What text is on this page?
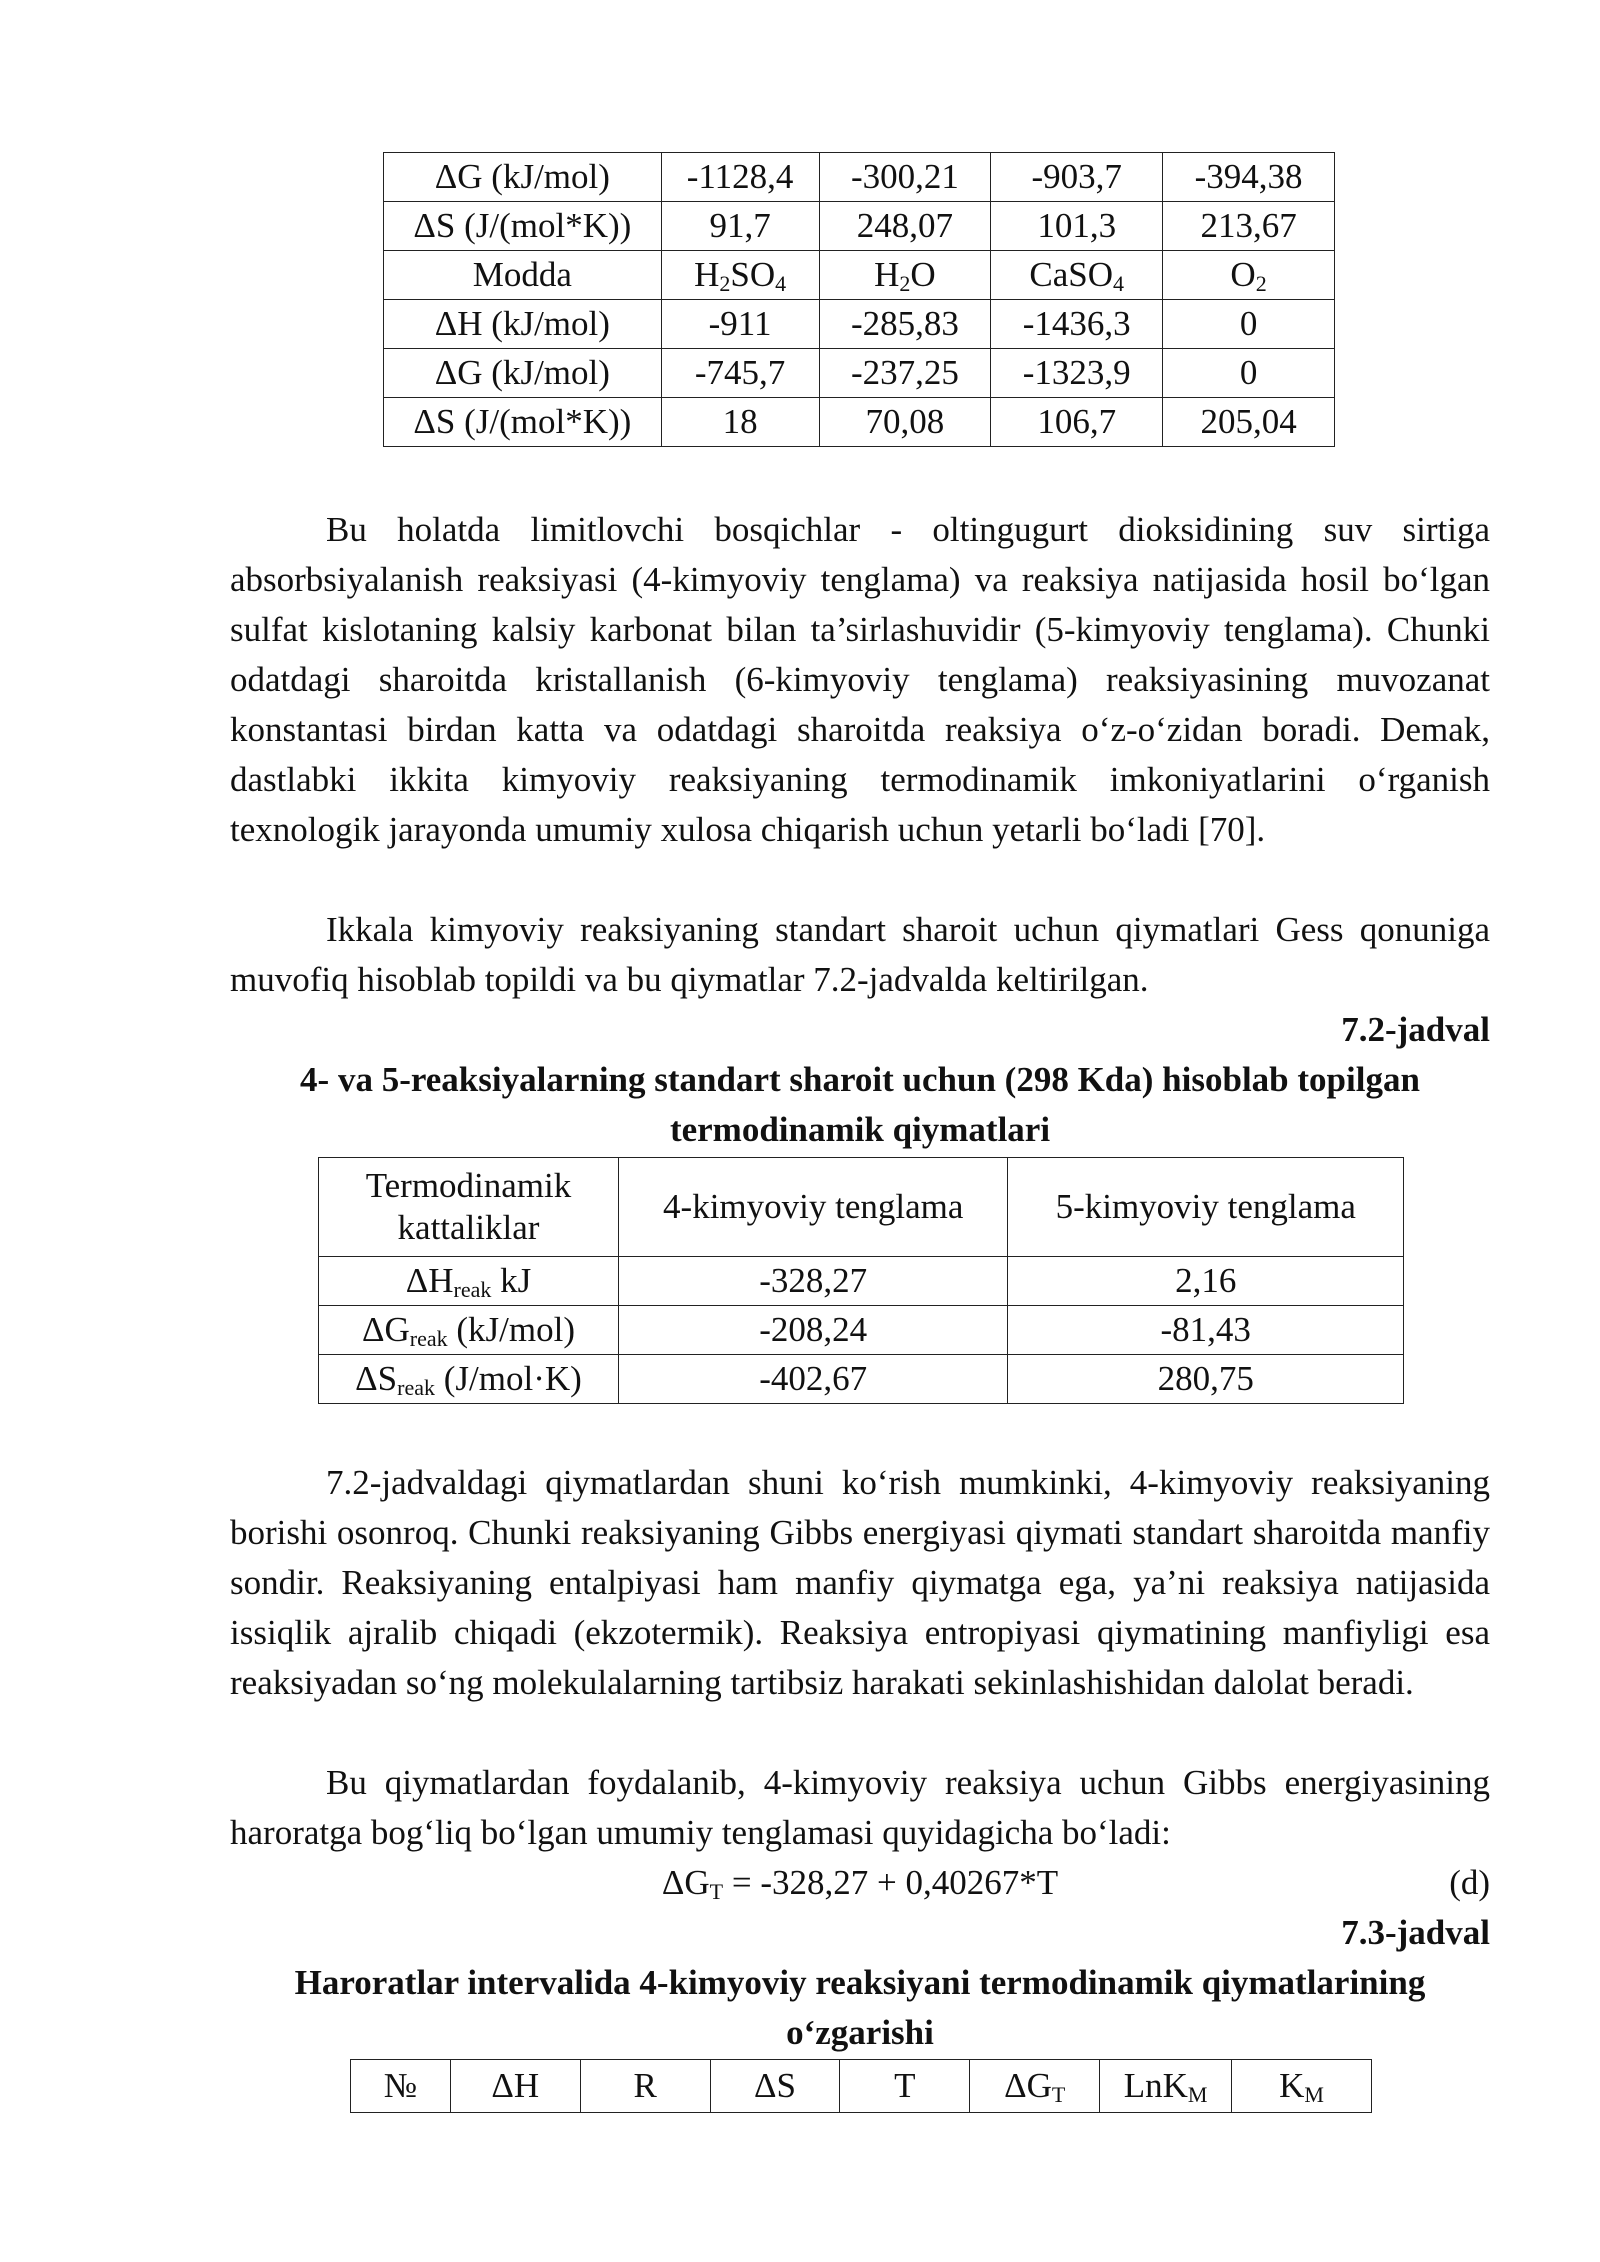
ΔG (kJ/mol)	-1128,4	-300,21	-903,7	-394,38
ΔS (J/(mol*K))	91,7	248,07	101,3	213,67
Modda	$H_2SO_4$	$H_2O$	CaSO$_4$	$O_2$
ΔH (kJ/mol)	-911	-285,83	-1436,3	0
ΔG (kJ/mol)	-745,7	-237,25	-1323,9	0
ΔS (J/(mol*K))	18	70,08	106,7	205,04

Bu holatda limitlovchi bosqichlar - oltingugurt dioksidining suv sirtiga absorbsiyalanish reaksiyasi (4-kimyoviy tenglama) va reaksiya natijasida hosil bo‘lgan sulfat kislotaning kalsiy karbonat bilan ta’sirlashuvidir (5-kimyoviy tenglama). Chunki odatdagi sharoitda kristallanish (6-kimyoviy tenglama) reaksiyasining muvozanat konstantasi birdan katta va odatdagi sharoitda reaksiya o‘z-o‘zidan boradi. Demak, dastlabki ikkita kimyoviy reaksiyaning termodinamik imkoniyatlarini o‘rganish texnologik jarayonda umumiy xulosa chiqarish uchun yetarli bo‘ladi [70].

Ikkala kimyoviy reaksiyaning standart sharoit uchun qiymatlari Gess qonuniga muvofiq hisoblab topildi va bu qiymatlar 7.2-jadvalda keltirilgan.

7.2-jadval

4- va 5-reaksiyalarning standart sharoit uchun (298 Kda) hisoblab topilgan termodinamik qiymatlari

Termodinamik kattaliklar	4-kimyoviy tenglama	5-kimyoviy tenglama
$\Delta H_{reak}$ kJ	-328,27	2,16
$\Delta G_{reak}$ (kJ/mol)	-208,24	-81,43
$\Delta S_{reak}$ (J/mol·K)	-402,67	280,75

7.2-jadvaldagi qiymatlardan shuni ko‘rish mumkinki, 4-kimyoviy reaksiyaning borishi osonroq. Chunki reaksiyaning Gibbs energiyasi qiymati standart sharoitda manfiy sondir. Reaksiyaning entalpiyasi ham manfiy qiymatga ega, ya’ni reaksiya natijasida issiqlik ajralib chiqadi (ekzotermik). Reaksiya entropiyasi qiymatining manfiyligi esa reaksiyadan so‘ng molekulalarning tartibsiz harakati sekinlashishidan dalolat beradi.

Bu qiymatlardan foydalanib, 4-kimyoviy reaksiya uchun Gibbs energiyasining haroratga bog‘liq bo‘lgan umumiy tenglamasi quyidagicha bo‘ladi:

$\Delta G_T = -328,27 + 0,40267*T$	(d)

7.3-jadval

Haroratlar intervalida 4-kimyoviy reaksiyani termodinamik qiymatlarining o‘zgarishi

№	ΔH	R	ΔS	T	$\Delta G_T$	LnK$_M$	$K_M$
